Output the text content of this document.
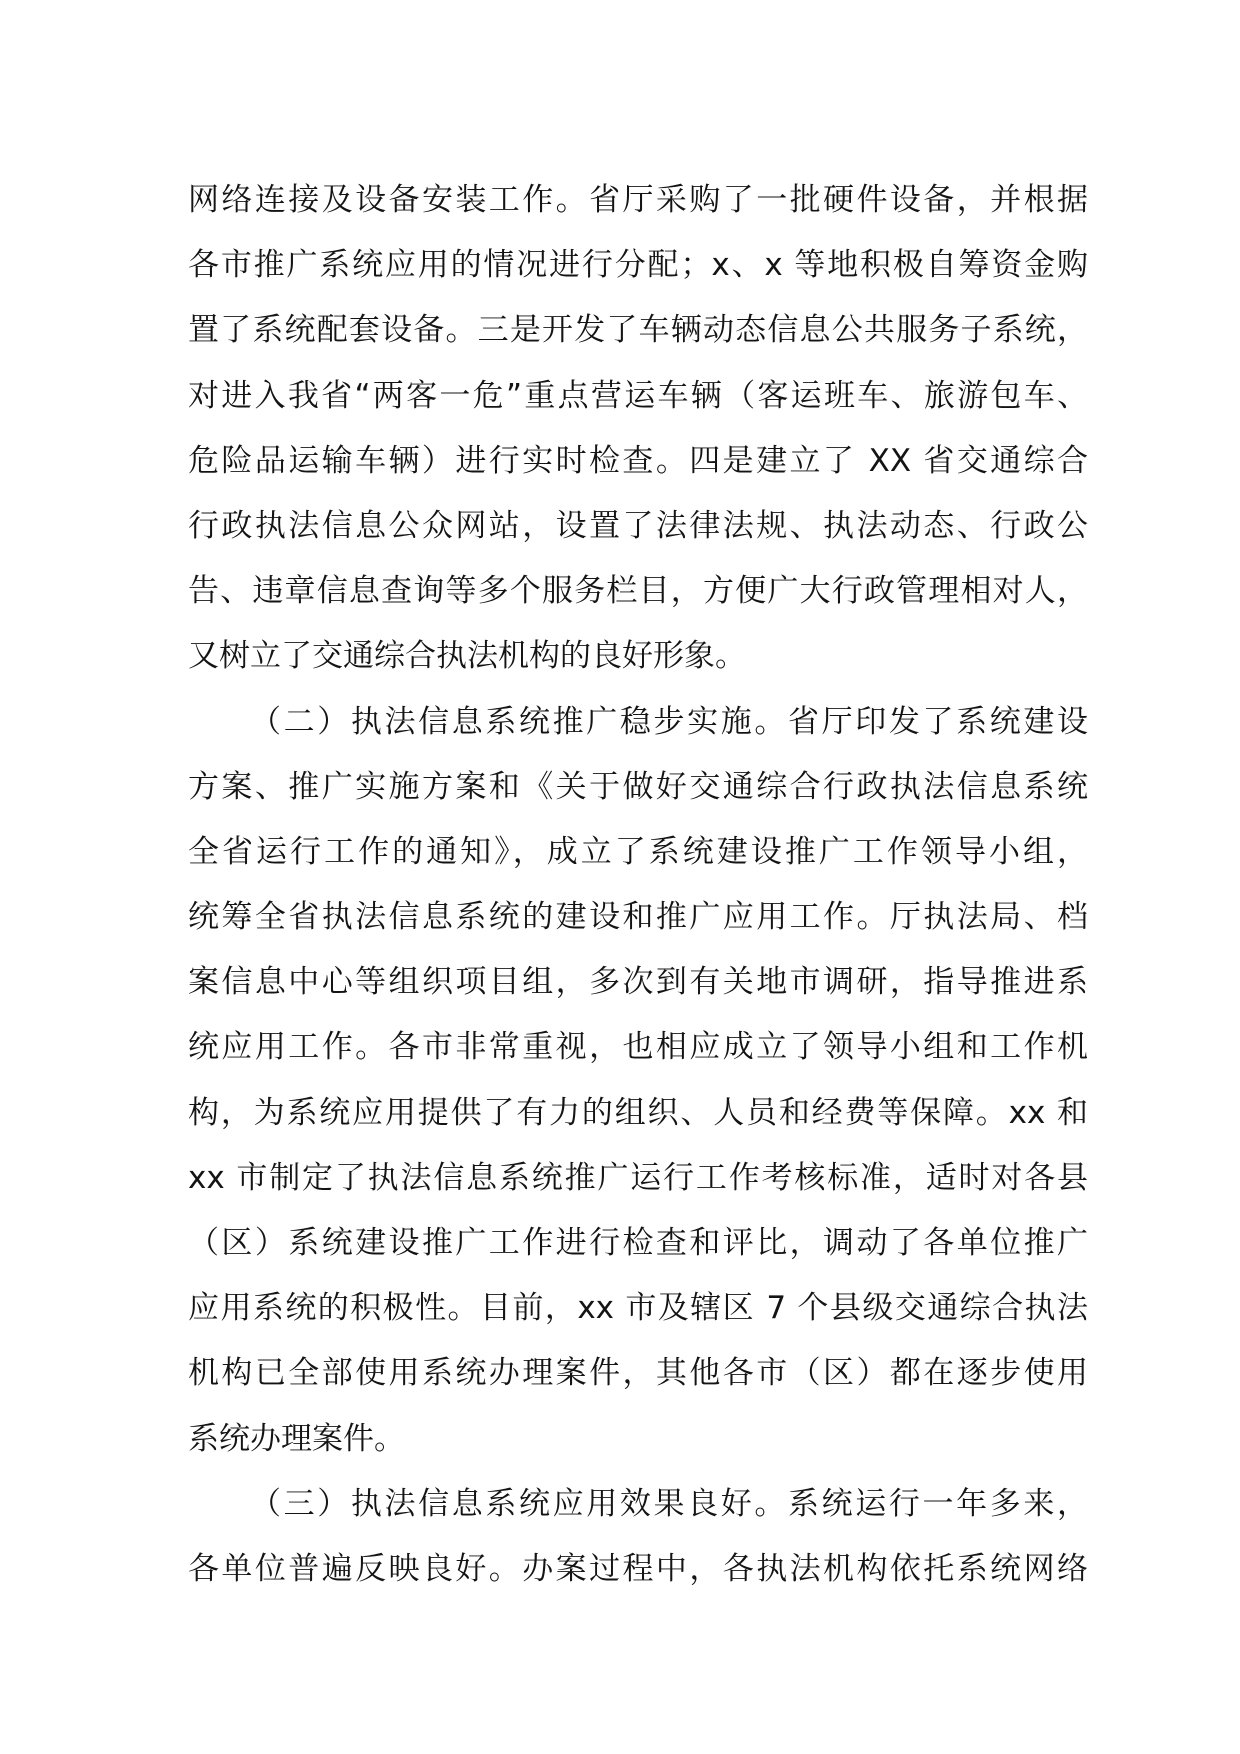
网络连接及设备安装工作。省厅采购了一批硬件设备，并根据
各市推广系统应用的情况进行分配；x、x 等地积极自筹资金购
置了系统配套设备。三是开发了车辆动态信息公共服务子系统，
对进入我省“两客一危”重点营运车辆（客运班车、旅游包车、
危险品运输车辆）进行实时检查。四是建立了 XX 省交通综合
行政执法信息公众网站，设置了法律法规、执法动态、行政公
告、违章信息查询等多个服务栏目，方便广大行政管理相对人，
又树立了交通综合执法机构的良好形象。
（二）执法信息系统推广稳步实施。省厅印发了系统建设
方案、推广实施方案和《关于做好交通综合行政执法信息系统
全省运行工作的通知》，成立了系统建设推广工作领导小组，
统筹全省执法信息系统的建设和推广应用工作。厅执法局、档
案信息中心等组织项目组，多次到有关地市调研，指导推进系
统应用工作。各市非常重视，也相应成立了领导小组和工作机
构，为系统应用提供了有力的组织、人员和经费等保障。xx 和
xx 市制定了执法信息系统推广运行工作考核标准，适时对各县
（区）系统建设推广工作进行检查和评比，调动了各单位推广
应用系统的积极性。目前，xx 市及辖区 7 个县级交通综合执法
机构已全部使用系统办理案件，其他各市（区）都在逐步使用
系统办理案件。
（三）执法信息系统应用效果良好。系统运行一年多来，
各单位普遍反映良好。办案过程中，各执法机构依托系统网络
